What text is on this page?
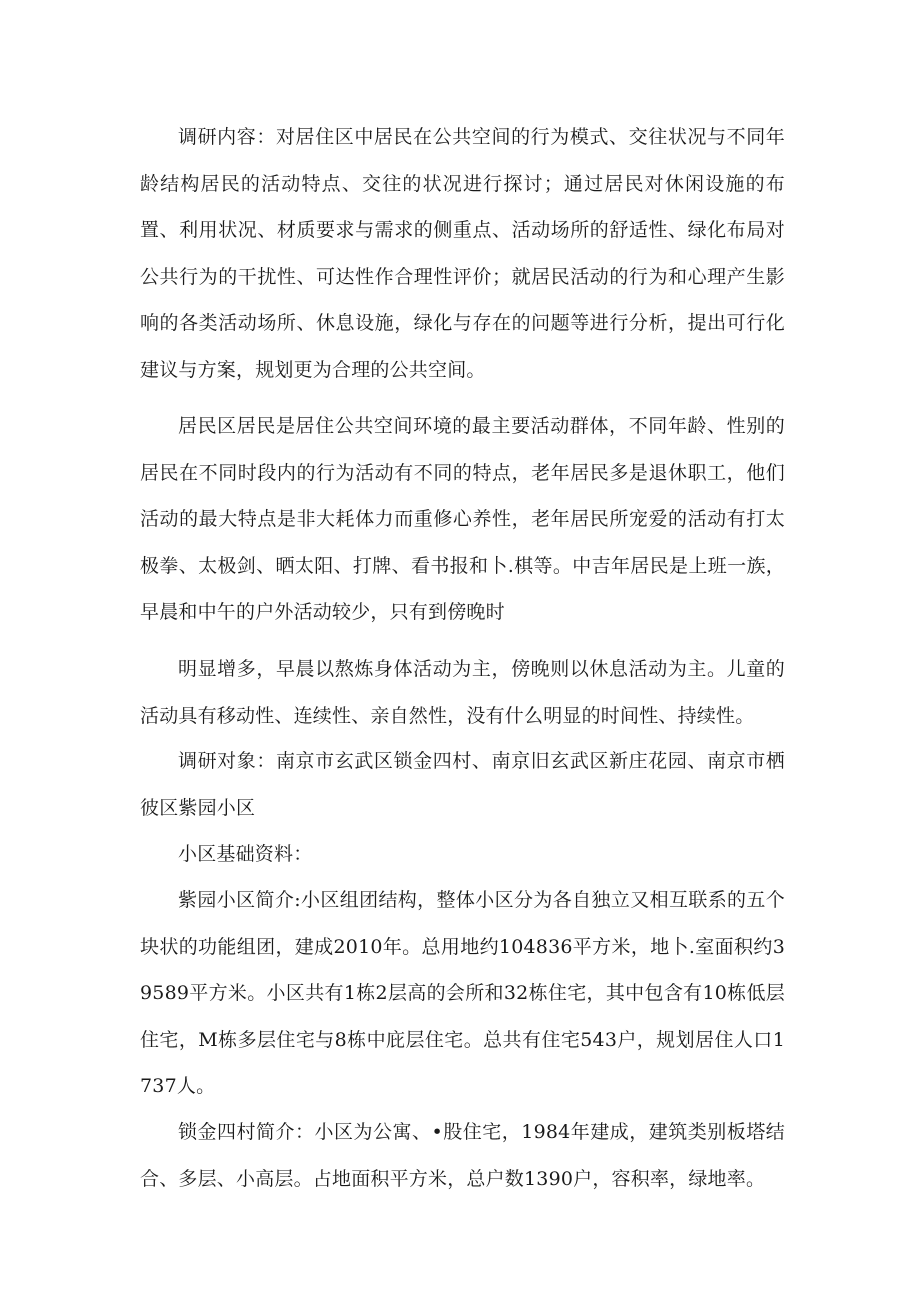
调研内容：对居住区中居民在公共空间的行为模式、交往状况与不同年龄结构居民的活动特点、交往的状况进行探讨；通过居民对休闲设施的布置、利用状况、材质要求与需求的侧重点、活动场所的舒适性、绿化布局对公共行为的干扰性、可达性作合理性评价；就居民活动的行为和心理产生影响的各类活动场所、休息设施，绿化与存在的问题等进行分析，提出可行化建议与方案，规划更为合理的公共空间。

居民区居民是居住公共空间环境的最主要活动群体，不同年龄、性别的居民在不同时段内的行为活动有不同的特点，老年居民多是退休职工，他们活动的最大特点是非大耗体力而重修心养性，老年居民所宠爱的活动有打太极拳、太极剑、晒太阳、打牌、看书报和卜.棋等。中吉年居民是上班一族，早晨和中午的户外活动较少，只有到傍晚时

明显增多，早晨以熬炼身体活动为主，傍晚则以休息活动为主。儿童的活动具有移动性、连续性、亲自然性，没有什么明显的时间性、持续性。

调研对象：南京市玄武区锁金四村、南京旧玄武区新庄花园、南京市栖彼区紫园小区

小区基础资料：

紫园小区简介:小区组团结构，整体小区分为各自独立又相互联系的五个块状的功能组团，建成2010年。总用地约104836平方米，地卜.室面积约39589平方米。小区共有1栋2层高的会所和32栋住宅，其中包含有10栋低层住宅，M栋多层住宅与8栋中庇层住宅。总共有住宅543户，规划居住人口1737人。

锁金四村简介：小区为公寓、•股住宅，1984年建成，建筑类别板塔结合、多层、小高层。占地面积平方米，总户数1390户，容积率，绿地率。
